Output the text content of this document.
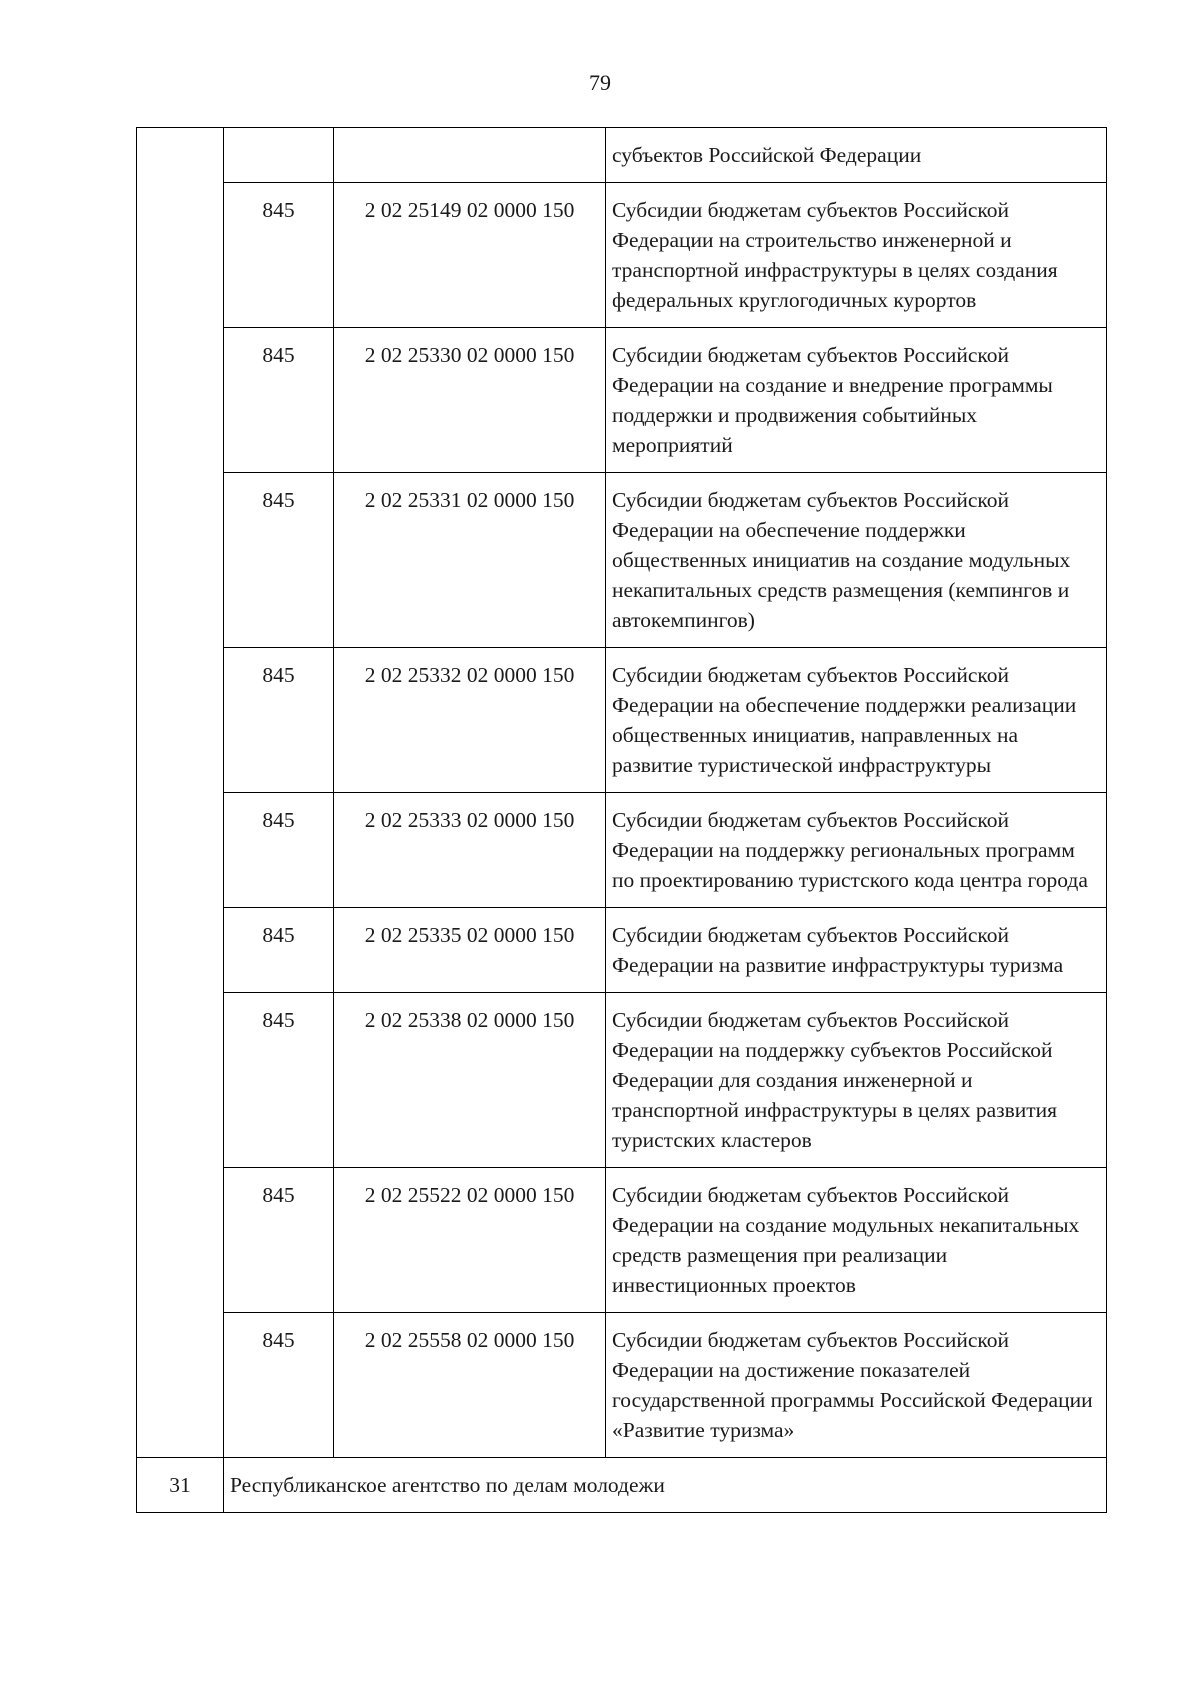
79
			субъектов Российской Федерации
	845	2 02 25149 02 0000 150	Субсидии бюджетам субъектов Российской Федерации на строительство инженерной и транспортной инфраструктуры в целях создания федеральных круглогодичных курортов
	845	2 02 25330 02 0000 150	Субсидии бюджетам субъектов Российской Федерации на создание и внедрение программы поддержки и продвижения событийных мероприятий
	845	2 02 25331 02 0000 150	Субсидии бюджетам субъектов Российской Федерации на обеспечение поддержки общественных инициатив на создание модульных некапитальных средств размещения (кемпингов и автокемпингов)
	845	2 02 25332 02 0000 150	Субсидии бюджетам субъектов Российской Федерации на обеспечение поддержки реализации общественных инициатив, направленных на развитие туристической инфраструктуры
	845	2 02 25333 02 0000 150	Субсидии бюджетам субъектов Российской Федерации на поддержку региональных программ по проектированию туристского кода центра города
	845	2 02 25335 02 0000 150	Субсидии бюджетам субъектов Российской Федерации на развитие инфраструктуры туризма
	845	2 02 25338 02 0000 150	Субсидии бюджетам субъектов Российской Федерации на поддержку субъектов Российской Федерации для создания инженерной и транспортной инфраструктуры в целях развития туристских кластеров
	845	2 02 25522 02 0000 150	Субсидии бюджетам субъектов Российской Федерации на создание модульных некапитальных средств размещения при реализации инвестиционных проектов
	845	2 02 25558 02 0000 150	Субсидии бюджетам субъектов Российской Федерации на достижение показателей государственной программы Российской Федерации «Развитие туризма»
31	Республиканское агентство по делам молодежи		
